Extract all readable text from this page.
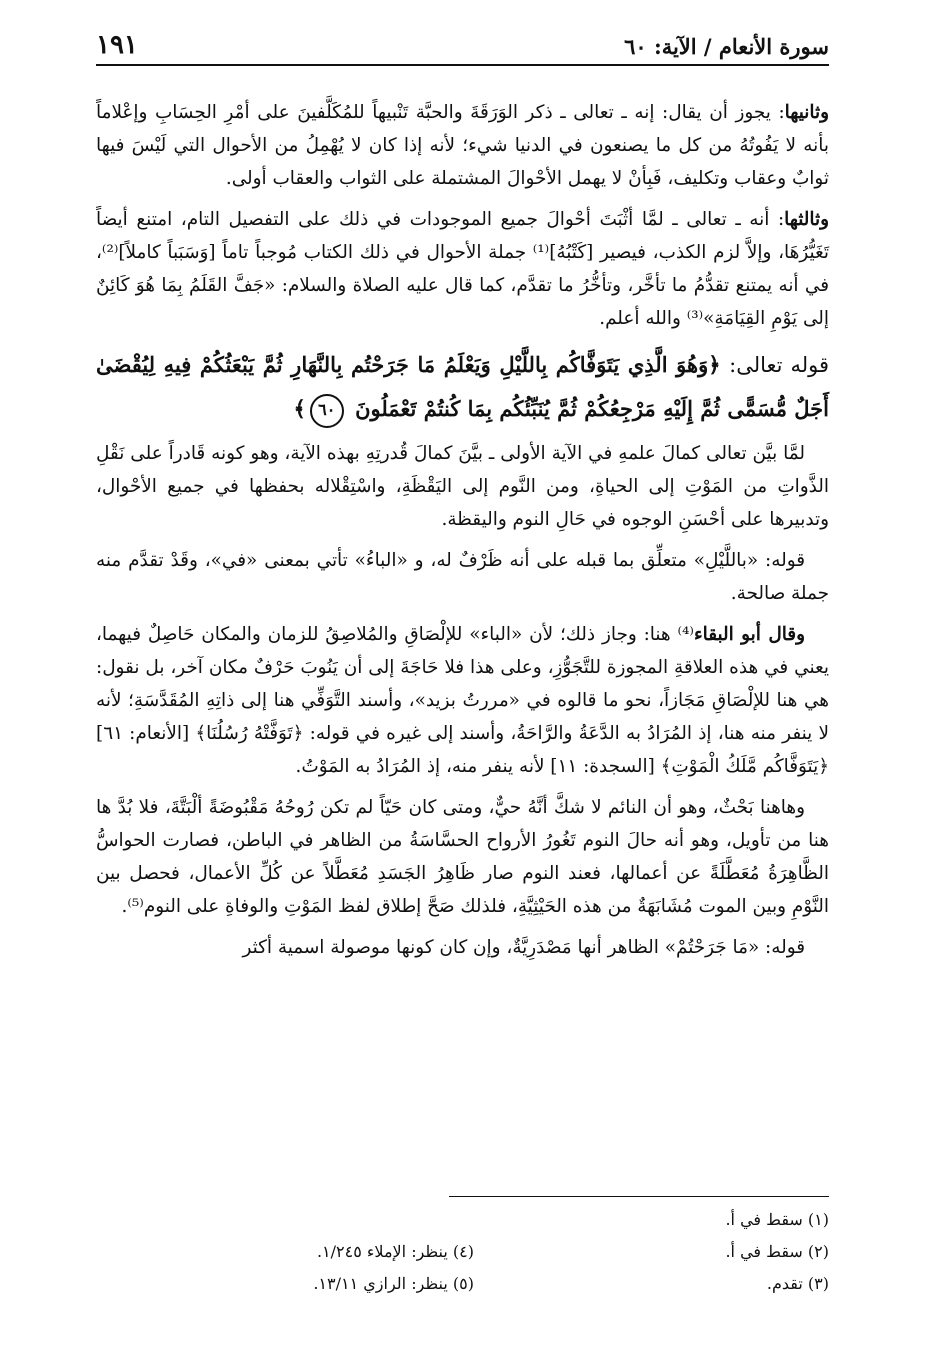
سورة الأنعام / الآية: ٦٠
١٩١

وثانيها: يجوز أن يقال: إنه ـ تعالى ـ ذكر الوَرَقَةَ والحبَّة تَنْبيهاً للمُكَلَّفينَ على أمْرِ الحِسَابِ وإعْلاماً بأنه لا يَفُوتُهُ من كل ما يصنعون في الدنيا شيء؛ لأنه إذا كان لا يُهْمِلُ من الأحوال التي لَيْسَ فيها ثوابٌ وعقاب وتكليف، فَبِأنْ لا يهمل الأحْوالَ المشتملة على الثواب والعقاب أولى.

وثالثها: أنه ـ تعالى ـ لمَّا أثْبَتَ أحْوالَ جميع الموجودات في ذلك على التفصيل التام، امتنع أيضاً تَغَيُّرُهَا، وإلاَّ لزم الكذب، فيصير [كَتْبُهُ]⁽¹⁾ جملة الأحوال في ذلك الكتاب مُوجباً تاماً [وَسَبَباً كاملاً]⁽²⁾، في أنه يمتنع تقدُّمُ ما تأخَّر، وتأخُّرُ ما تقدَّم، كما قال عليه الصلاة والسلام: «جَفَّ القَلَمُ بِمَا هُوَ كَائِنٌ إلى يَوْمِ القِيَامَةِ»⁽³⁾ والله أعلم.

قوله تعالى: ﴿وَهُوَ الَّذِي يَتَوَفَّاكُم بِاللَّيْلِ وَيَعْلَمُ مَا جَرَحْتُم بِالنَّهَارِ ثُمَّ يَبْعَثُكُمْ فِيهِ لِيُقْضَىٰ أَجَلٌ مُّسَمًّى ثُمَّ إِلَيْهِ مَرْجِعُكُمْ ثُمَّ يُنَبِّئُكُم بِمَا كُنتُمْ تَعْمَلُونَ ٦٠﴾

لمَّا بيَّن تعالى كمالَ علمهِ في الآية الأولى ـ بيَّنَ كمالَ قُدرتِهِ بهذه الآية، وهو كونه قَادراً على نَقْلِ الذَّواتِ من المَوْتِ إلى الحياةِ، ومن النَّوم إلى اليَقْظَةِ، واسْتِقْلاله بحفظها في جميع الأحْوال، وتدبيرها على أحْسَنِ الوجوه في حَالِ النوم واليقظة.

قوله: «باللَّيْلِ» متعلِّق بما قبله على أنه ظَرْفٌ له، و «الباءُ» تأتي بمعنى «في»، وقَدْ تقدَّم منه جملة صالحة.

وقال أبو البقاء⁽⁴⁾ هنا: وجاز ذلك؛ لأن «الباء» للإلْصَاقِ والمُلاصِقُ للزمان والمكان حَاصِلٌ فيهما، يعني في هذه العلاقةِ المجوزة للتَّجَوُّزِ، وعلى هذا فلا حَاجَةَ إلى أن يَنُوبَ حَرْفٌ مكان آخر، بل نقول: هي هنا للإلْصَاقِ مَجَازاً، نحو ما قالوه في «مررتُ بزيد»، وأسند التَّوَفِّي هنا إلى ذاتِهِ المُقَدَّسَةِ؛ لأنه لا ينفر منه هنا، إذ المُرَادُ به الدَّعَةُ والرَّاحَةُ، وأسند إلى غيره في قوله: ﴿تَوَفَّتْهُ رُسُلُنَا﴾ [الأنعام: ٦١] ﴿يَتَوَفَّاكُم مَّلَكُ الْمَوْتِ﴾ [السجدة: ١١] لأنه ينفر منه، إذ المُرَادُ به المَوْتُ.

وهاهنا بَحْثٌ، وهو أن النائم لا شكَّ أنَّهُ حيٌّ، ومتى كان حَيّاً لم تكن رُوحُهُ مَقْبُوضَةً ألْبَتَّةَ، فلا بُدَّ ها هنا من تأويل، وهو أنه حالَ النوم تَغُورُ الأرواح الحسَّاسَةُ من الظاهر في الباطن، فصارت الحواسُّ الظَّاهِرَةُ مُعَطَّلَةً عن أعمالها، فعند النوم صار ظَاهِرُ الجَسَدِ مُعَطَّلاً عن كُلِّ الأعمال، فحصل بين النَّوْمِ وبين الموت مُشَابَهَةٌ من هذه الحَيْثِيَّةِ، فلذلك صَحَّ إطلاق لفظ المَوْتِ والوفاةِ على النوم⁽⁵⁾.

قوله: «مَا جَرَحْتُمْ» الظاهر أنها مَصْدَرِيَّةٌ، وإن كان كونها موصولة اسمية أكثر

(١) سقط في أ.
(٢) سقط في أ.
(٣) تقدم.
(٤) ينظر: الإملاء ١/٢٤٥.
(٥) ينظر: الرازي ١٣/١١.
